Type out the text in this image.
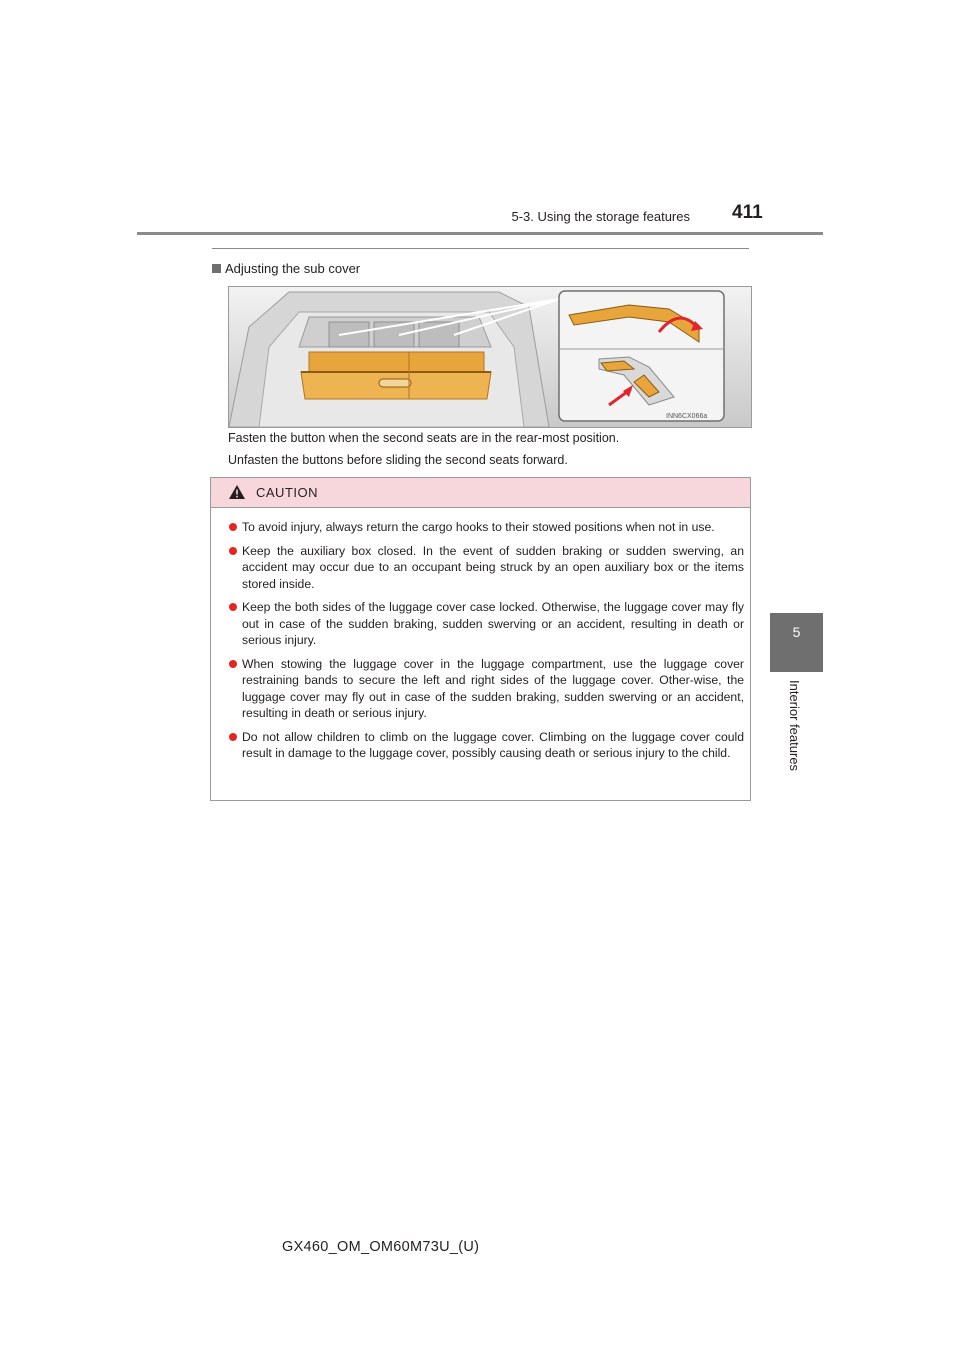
5-3. Using the storage features 411
5
Interior features
Adjusting the sub cover
INN6CX066a
Fasten the button when the second seats are in the rear-most position.
Unfasten the buttons before sliding the second seats forward.
CAUTION
To avoid injury, always return the cargo hooks to their stowed positions when not in use.
Keep the auxiliary box closed. In the event of sudden braking or sudden swerving, an accident may occur due to an occupant being struck by an open auxiliary box or the items stored inside.
Keep the both sides of the luggage cover case locked. Otherwise, the luggage cover may fly out in case of the sudden braking, sudden swerving or an accident, resulting in death or serious injury.
When stowing the luggage cover in the luggage compartment, use the luggage cover restraining bands to secure the left and right sides of the luggage cover. Other-wise, the luggage cover may fly out in case of the sudden braking, sudden swerving or an accident, resulting in death or serious injury.
Do not allow children to climb on the luggage cover. Climbing on the luggage cover could result in damage to the luggage cover, possibly causing death or serious injury to the child.
GX460_OM_OM60M73U_(U)
